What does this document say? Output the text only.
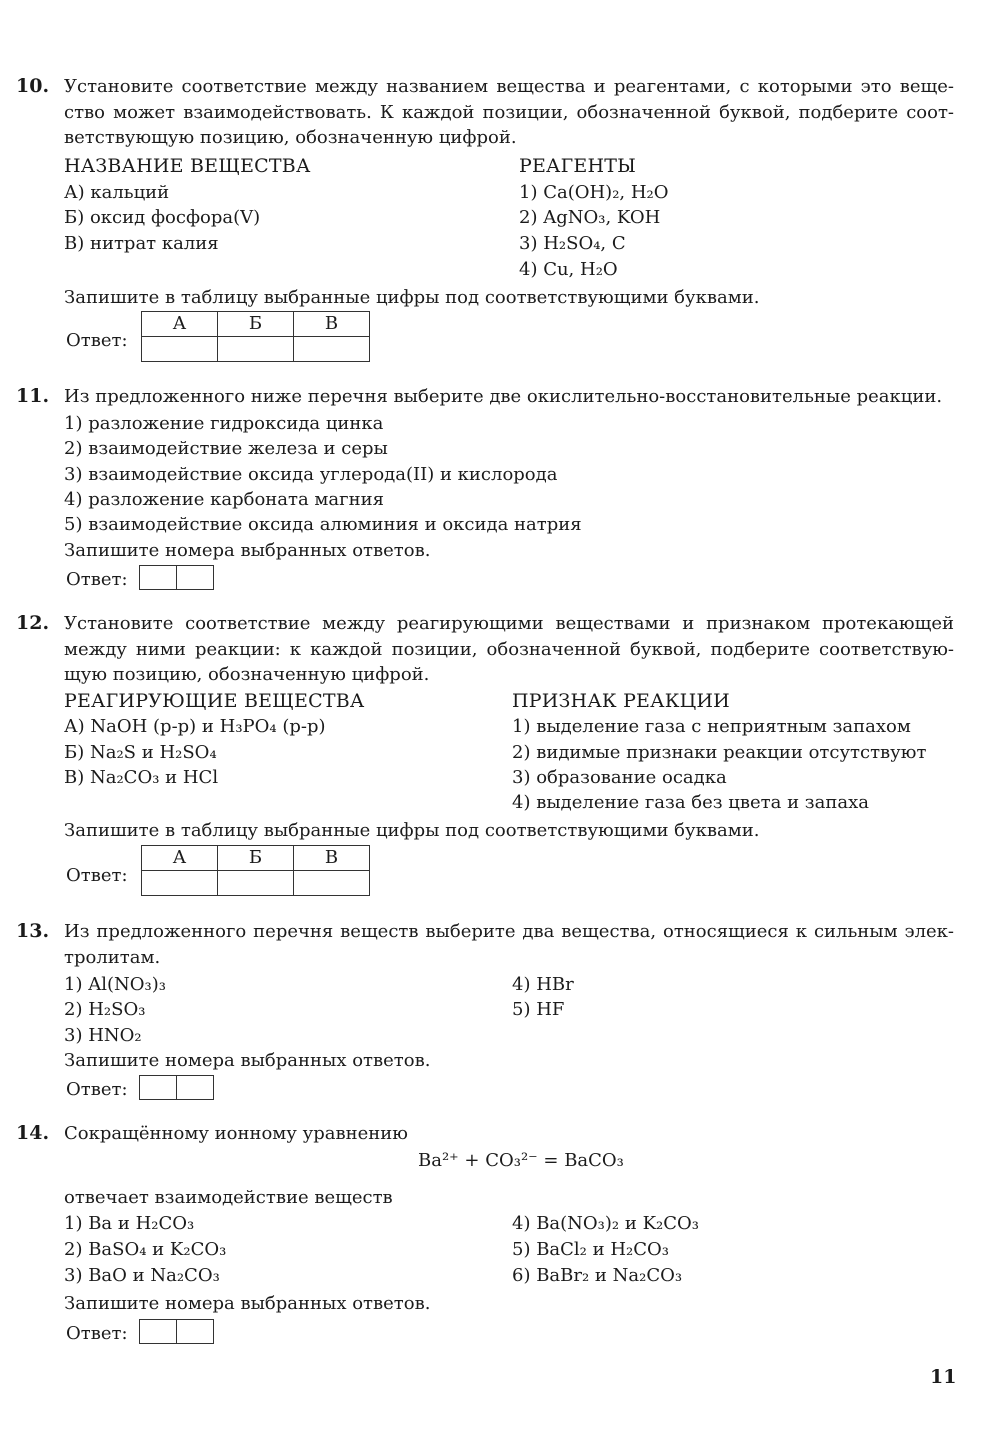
10. Установите соответствие между названием вещества и реагентами, с которыми это веще-
ство может взаимодействовать. К каждой позиции, обозначенной буквой, подберите соот-
ветствующую позицию, обозначенную цифрой.
НАЗВАНИЕ ВЕЩЕСТВА
А) кальций
Б) оксид фосфора(V)
В) нитрат калия
РЕАГЕНТЫ
1) Ca(OH)₂, H₂O
2) AgNO₃, KOH
3) H₂SO₄, C
4) Cu, H₂O
Запишите в таблицу выбранные цифры под соответствующими буквами.
Ответ:
А	Б	В

11. Из предложенного ниже перечня выберите две окислительно-восстановительные реакции.
1) разложение гидроксида цинка
2) взаимодействие железа и серы
3) взаимодействие оксида углерода(II) и кислорода
4) разложение карбоната магния
5) взаимодействие оксида алюминия и оксида натрия
Запишите номера выбранных ответов.
Ответ:
12. Установите соответствие между реагирующими веществами и признаком протекающей
между ними реакции: к каждой позиции, обозначенной буквой, подберите соответствую-
щую позицию, обозначенную цифрой.
РЕАГИРУЮЩИЕ ВЕЩЕСТВА
А) NaOH (р-р) и H₃PO₄ (р-р)
Б) Na₂S и H₂SO₄
В) Na₂CO₃ и HCl
ПРИЗНАК РЕАКЦИИ
1) выделение газа с неприятным запахом
2) видимые признаки реакции отсутствуют
3) образование осадка
4) выделение газа без цвета и запаха
Запишите в таблицу выбранные цифры под соответствующими буквами.
Ответ:
А	Б	В

13. Из предложенного перечня веществ выберите два вещества, относящиеся к сильным элек-
тролитам.
1) Al(NO₃)₃
2) H₂SO₃
3) HNO₂
4) HBr
5) HF
Запишите номера выбранных ответов.
Ответ:
14. Сокращённому ионному уравнению
Ba²⁺ + CO₃²⁻ = BaCO₃
отвечает взаимодействие веществ
1) Ba и H₂CO₃
2) BaSO₄ и K₂CO₃
3) BaO и Na₂CO₃
4) Ba(NO₃)₂ и K₂CO₃
5) BaCl₂ и H₂CO₃
6) BaBr₂ и Na₂CO₃
Запишите номера выбранных ответов.
Ответ:
11
